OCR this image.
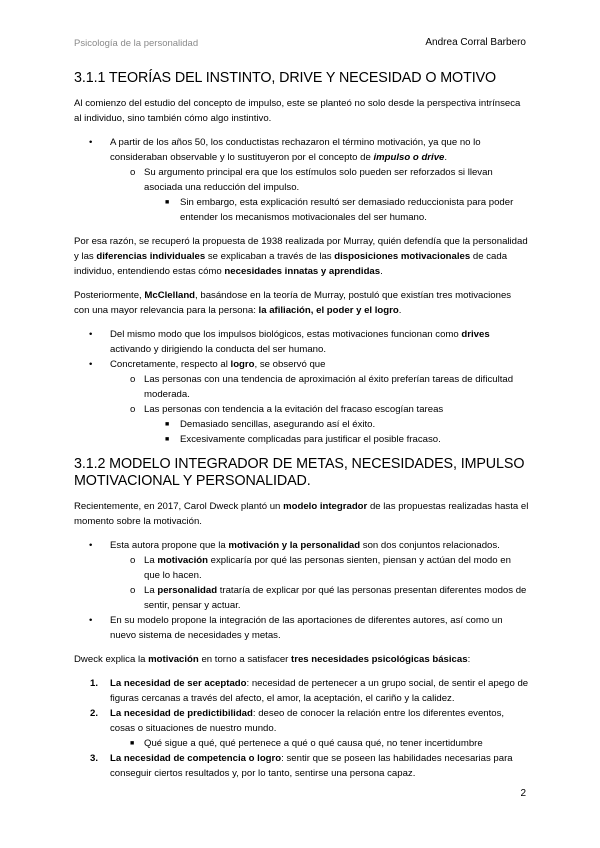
Psicología de la personalidad	Andrea Corral Barbero
3.1.1 TEORÍAS DEL INSTINTO, DRIVE Y NECESIDAD O MOTIVO

Al comienzo del estudio del concepto de impulso, este se planteó no solo desde la perspectiva intrínseca al individuo, sino también cómo algo instintivo.

• A partir de los años 50, los conductistas rechazaron el término motivación, ya que no lo consideraban observable y lo sustituyeron por el concepto de impulso o drive.
o Su argumento principal era que los estímulos solo pueden ser reforzados si llevan asociada una reducción del impulso.
■ Sin embargo, esta explicación resultó ser demasiado reduccionista para poder entender los mecanismos motivacionales del ser humano.

Por esa razón, se recuperó la propuesta de 1938 realizada por Murray, quién defendía que la personalidad y las diferencias individuales se explicaban a través de las disposiciones motivacionales de cada individuo, entendiendo estas cómo necesidades innatas y aprendidas.

Posteriormente, McClelland, basándose en la teoría de Murray, postuló que existían tres motivaciones con una mayor relevancia para la persona: la afiliación, el poder y el logro.

• Del mismo modo que los impulsos biológicos, estas motivaciones funcionan como drives activando y dirigiendo la conducta del ser humano.
• Concretamente, respecto al logro, se observó que
o Las personas con una tendencia de aproximación al éxito preferían tareas de dificultad moderada.
o Las personas con tendencia a la evitación del fracaso escogían tareas
■ Demasiado sencillas, asegurando así el éxito.
■ Excesivamente complicadas para justificar el posible fracaso.
3.1.2 MODELO INTEGRADOR DE METAS, NECESIDADES, IMPULSO MOTIVACIONAL Y PERSONALIDAD.

Recientemente, en 2017, Carol Dweck plantó un modelo integrador de las propuestas realizadas hasta el momento sobre la motivación.

• Esta autora propone que la motivación y la personalidad son dos conjuntos relacionados.
o La motivación explicaría por qué las personas sienten, piensan y actúan del modo en que lo hacen.
o La personalidad trataría de explicar por qué las personas presentan diferentes modos de sentir, pensar y actuar.
• En su modelo propone la integración de las aportaciones de diferentes autores, así como un nuevo sistema de necesidades y metas.

Dweck explica la motivación en torno a satisfacer tres necesidades psicológicas básicas:

1. La necesidad de ser aceptado: necesidad de pertenecer a un grupo social, de sentir el apego de figuras cercanas a través del afecto, el amor, la aceptación, el cariño y la calidez.
2. La necesidad de predictibilidad: deseo de conocer la relación entre los diferentes eventos, cosas o situaciones de nuestro mundo.
■ Qué sigue a qué, qué pertenece a qué o qué causa qué, no tener incertidumbre
3. La necesidad de competencia o logro: sentir que se poseen las habilidades necesarias para conseguir ciertos resultados y, por lo tanto, sentirse una persona capaz.
2
